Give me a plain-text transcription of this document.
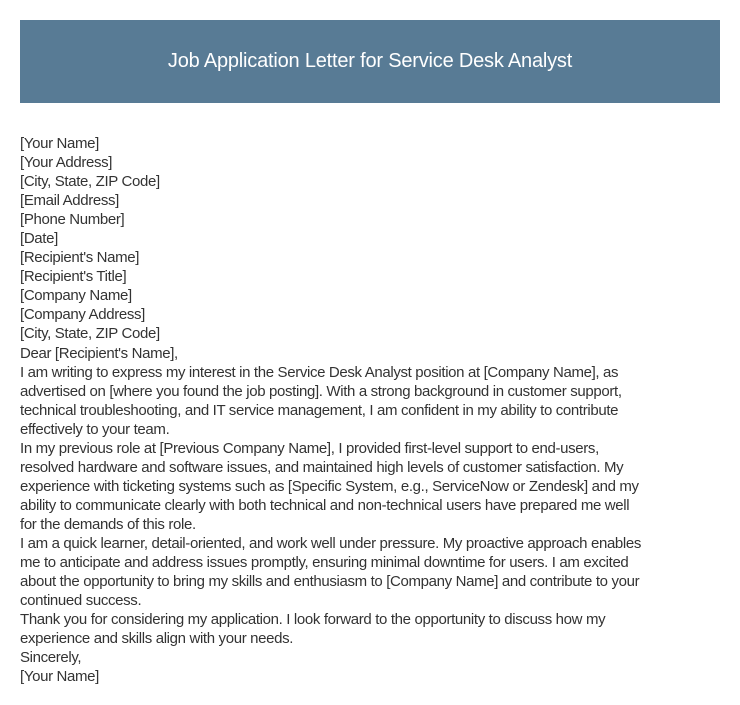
Job Application Letter for Service Desk Analyst
[Your Name]
[Your Address]
[City, State, ZIP Code]
[Email Address]
[Phone Number]
[Date]
[Recipient's Name]
[Recipient's Title]
[Company Name]
[Company Address]
[City, State, ZIP Code]
Dear [Recipient's Name],
I am writing to express my interest in the Service Desk Analyst position at [Company Name], as
advertised on [where you found the job posting]. With a strong background in customer support,
technical troubleshooting, and IT service management, I am confident in my ability to contribute
effectively to your team.
In my previous role at [Previous Company Name], I provided first-level support to end-users,
resolved hardware and software issues, and maintained high levels of customer satisfaction. My
experience with ticketing systems such as [Specific System, e.g., ServiceNow or Zendesk] and my
ability to communicate clearly with both technical and non-technical users have prepared me well
for the demands of this role.
I am a quick learner, detail-oriented, and work well under pressure. My proactive approach enables
me to anticipate and address issues promptly, ensuring minimal downtime for users. I am excited
about the opportunity to bring my skills and enthusiasm to [Company Name] and contribute to your
continued success.
Thank you for considering my application. I look forward to the opportunity to discuss how my
experience and skills align with your needs.
Sincerely,
[Your Name]
